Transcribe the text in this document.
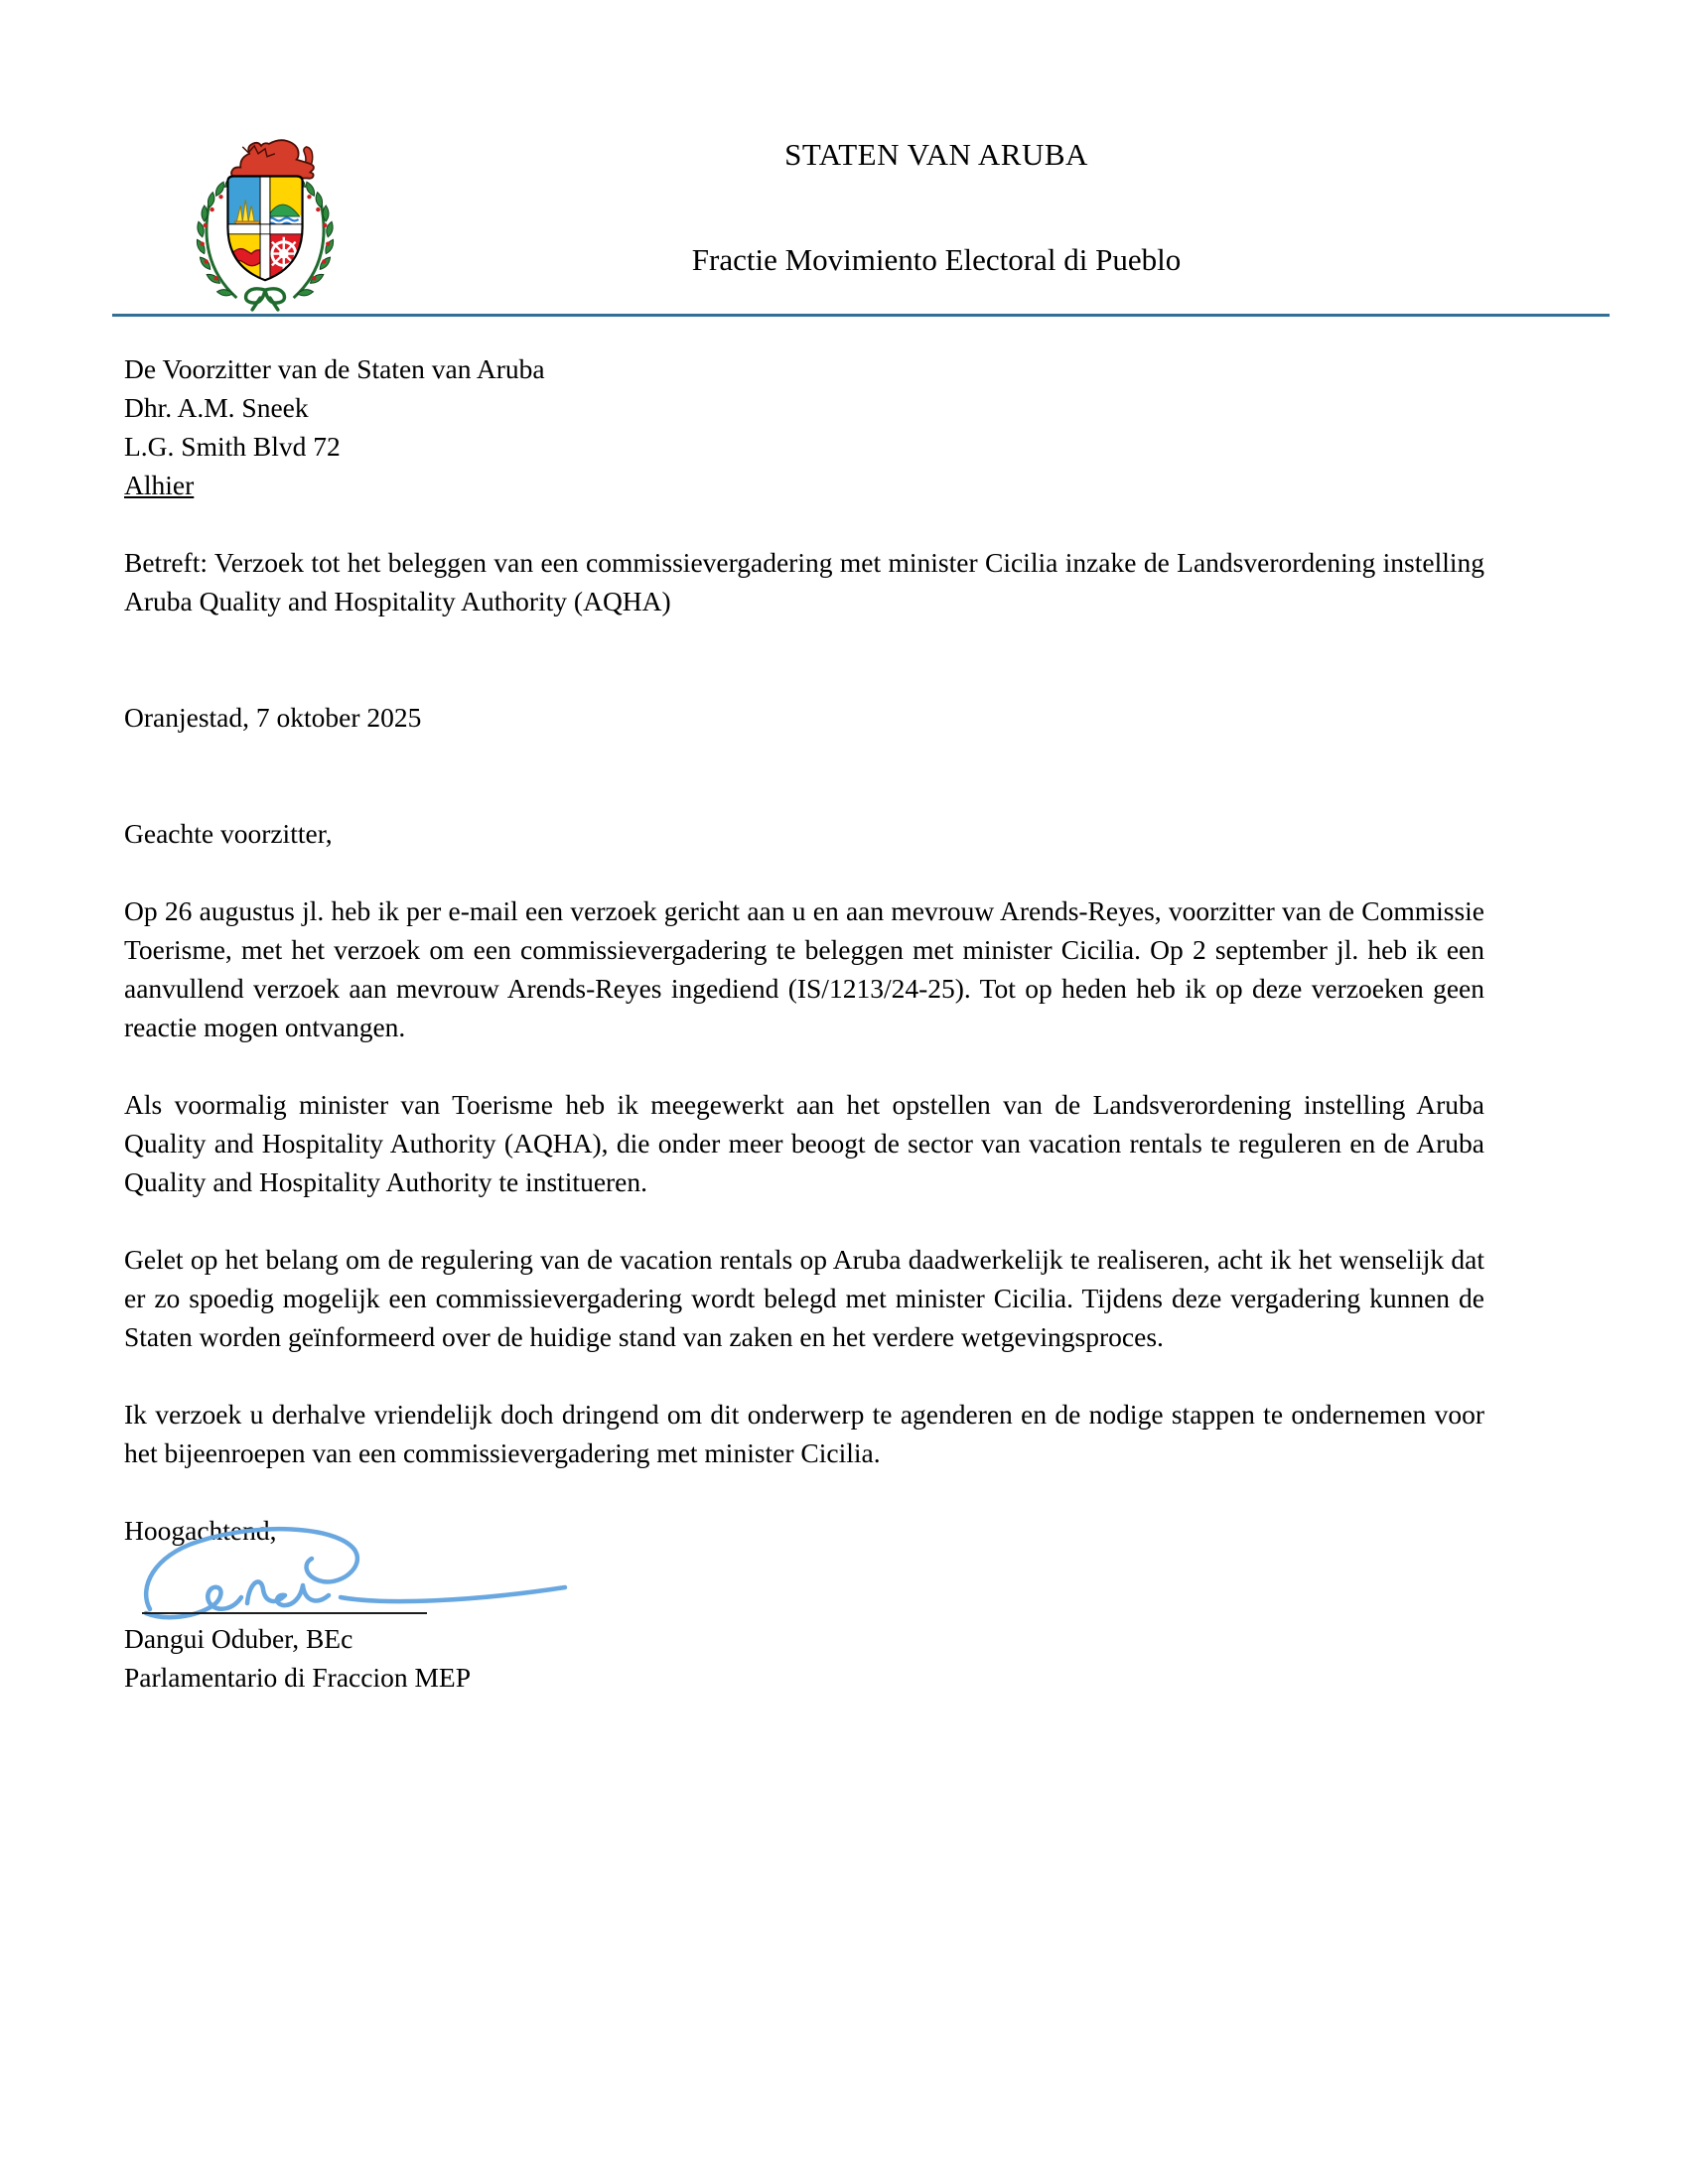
STATEN VAN ARUBA
Fractie Movimiento Electoral di Pueblo

De Voorzitter van de Staten van Aruba

Dhr. A.M. Sneek

L.G. Smith Blvd 72

Alhier

Betreft: Verzoek tot het beleggen van een commissievergadering met minister Cicilia inzake de Landsverordening instelling Aruba Quality and Hospitality Authority (AQHA)

Oranjestad, 7 oktober 2025

Geachte voorzitter,

Op 26 augustus jl. heb ik per e-mail een verzoek gericht aan u en aan mevrouw Arends-Reyes, voorzitter van de Commissie Toerisme, met het verzoek om een commissievergadering te beleggen met minister Cicilia. Op 2 september jl. heb ik een aanvullend verzoek aan mevrouw Arends-Reyes ingediend (IS/1213/24-25). Tot op heden heb ik op deze verzoeken geen reactie mogen ontvangen.

Als voormalig minister van Toerisme heb ik meegewerkt aan het opstellen van de Landsverordening instelling Aruba Quality and Hospitality Authority (AQHA), die onder meer beoogt de sector van vacation rentals te reguleren en de Aruba Quality and Hospitality Authority te institueren.

Gelet op het belang om de regulering van de vacation rentals op Aruba daadwerkelijk te realiseren, acht ik het wenselijk dat er zo spoedig mogelijk een commissievergadering wordt belegd met minister Cicilia. Tijdens deze vergadering kunnen de Staten worden geïnformeerd over de huidige stand van zaken en het verdere wetgevingsproces.

Ik verzoek u derhalve vriendelijk doch dringend om dit onderwerp te agenderen en de nodige stappen te ondernemen voor het bijeenroepen van een commissievergadering met minister Cicilia.

Hoogachtend,

Dangui Oduber, BEc

Parlamentario di Fraccion MEP
